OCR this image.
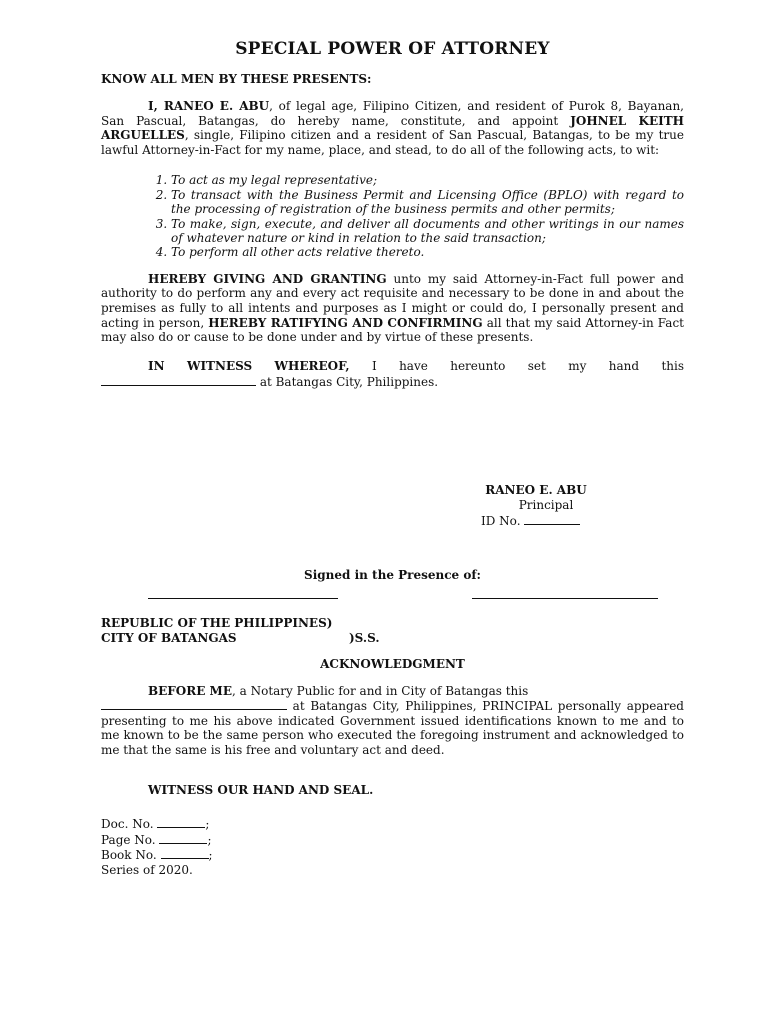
SPECIAL POWER OF ATTORNEY
KNOW ALL MEN BY THESE PRESENTS:

I, RANEO E. ABU, of legal age, Filipino Citizen, and resident of Purok 8, Bayanan, San Pascual, Batangas, do hereby name, constitute, and appoint JOHNEL KEITH ARGUELLES, single, Filipino citizen and a resident of San Pascual, Batangas, to be my true lawful Attorney-in-Fact for my name, place, and stead, to do all of the following acts, to wit:

1. To act as my legal representative;
2. To transact with the Business Permit and Licensing Office (BPLO) with regard to the processing of registration of the business permits and other permits;
3. To make, sign, execute, and deliver all documents and other writings in our names of whatever nature or kind in relation to the said transaction;
4. To perform all other acts relative thereto.

HEREBY GIVING AND GRANTING unto my said Attorney-in-Fact full power and authority to do perform any and every act requisite and necessary to be done in and about the premises as fully to all intents and purposes as I might or could do, I personally present and acting in person, HEREBY RATIFYING AND CONFIRMING all that my said Attorney-in Fact may also do or cause to be done under and by virtue of these presents.

IN WITNESS WHEREOF, I have hereunto set my hand this
at Batangas City, Philippines.
RANEO E. ABU
Principal
ID No.
Signed in the Presence of:
REPUBLIC OF THE PHILIPPINES)
CITY OF BATANGAS	)S.S.
ACKNOWLEDGMENT
BEFORE ME, a Notary Public for and in City of Batangas this
at Batangas City, Philippines, PRINCIPAL personally appeared presenting to me his above indicated Government issued identifications known to me and to me known to be the same person who executed the foregoing instrument and acknowledged to me that the same is his free and voluntary act and deed.
WITNESS OUR HAND AND SEAL.
Doc. No.	;
Page No.	;
Book No.	;
Series of 2020.
